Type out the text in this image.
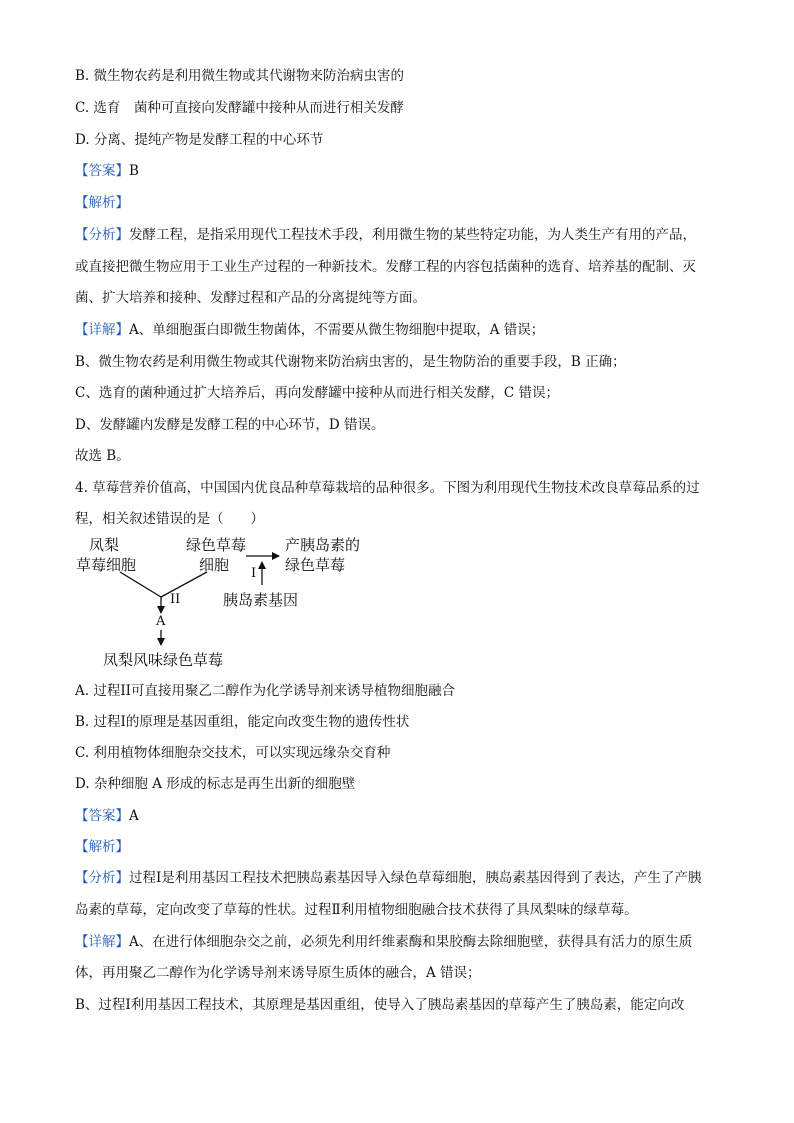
B. 微生物农药是利用微生物或其代谢物来防治病虫害的
C. 选育　菌种可直接向发酵罐中接种从而进行相关发酵
D. 分离、提纯产物是发酵工程的中心环节
【答案】B
【解析】
【分析】发酵工程，是指采用现代工程技术手段，利用微生物的某些特定功能，为人类生产有用的产品，
或直接把微生物应用于工业生产过程的一种新技术。发酵工程的内容包括菌种的选育、培养基的配制、灭
菌、扩大培养和接种、发酵过程和产品的分离提纯等方面。
【详解】A、单细胞蛋白即微生物菌体，不需要从微生物细胞中提取，A 错误；
B、微生物农药是利用微生物或其代谢物来防治病虫害的，是生物防治的重要手段，B 正确；
C、选育的菌种通过扩大培养后，再向发酵罐中接种从而进行相关发酵，C 错误；
D、发酵罐内发酵是发酵工程的中心环节，D 错误。
故选 B。
4. 草莓营养价值高，中国国内优良品种草莓栽培的品种很多。下图为利用现代生物技术改良草莓品系的过
程，相关叙述错误的是（　　）
凤梨
草莓细胞
绿色草莓
细胞
产胰岛素的
绿色草莓
I
胰岛素基因
II
A
凤梨风味绿色草莓
A. 过程II可直接用聚乙二醇作为化学诱导剂来诱导植物细胞融合
B. 过程I的原理是基因重组，能定向改变生物的遗传性状
C. 利用植物体细胞杂交技术，可以实现远缘杂交育种
D. 杂种细胞 A 形成的标志是再生出新的细胞壁
【答案】A
【解析】
【分析】过程Ⅰ是利用基因工程技术把胰岛素基因导入绿色草莓细胞，胰岛素基因得到了表达，产生了产胰
岛素的草莓，定向改变了草莓的性状。过程Ⅱ利用植物细胞融合技术获得了具凤梨味的绿草莓。
【详解】A、在进行体细胞杂交之前，必须先利用纤维素酶和果胶酶去除细胞壁，获得具有活力的原生质
体，再用聚乙二醇作为化学诱导剂来诱导原生质体的融合，A 错误；
B、过程Ⅰ利用基因工程技术，其原理是基因重组，使导入了胰岛素基因的草莓产生了胰岛素，能定向改
